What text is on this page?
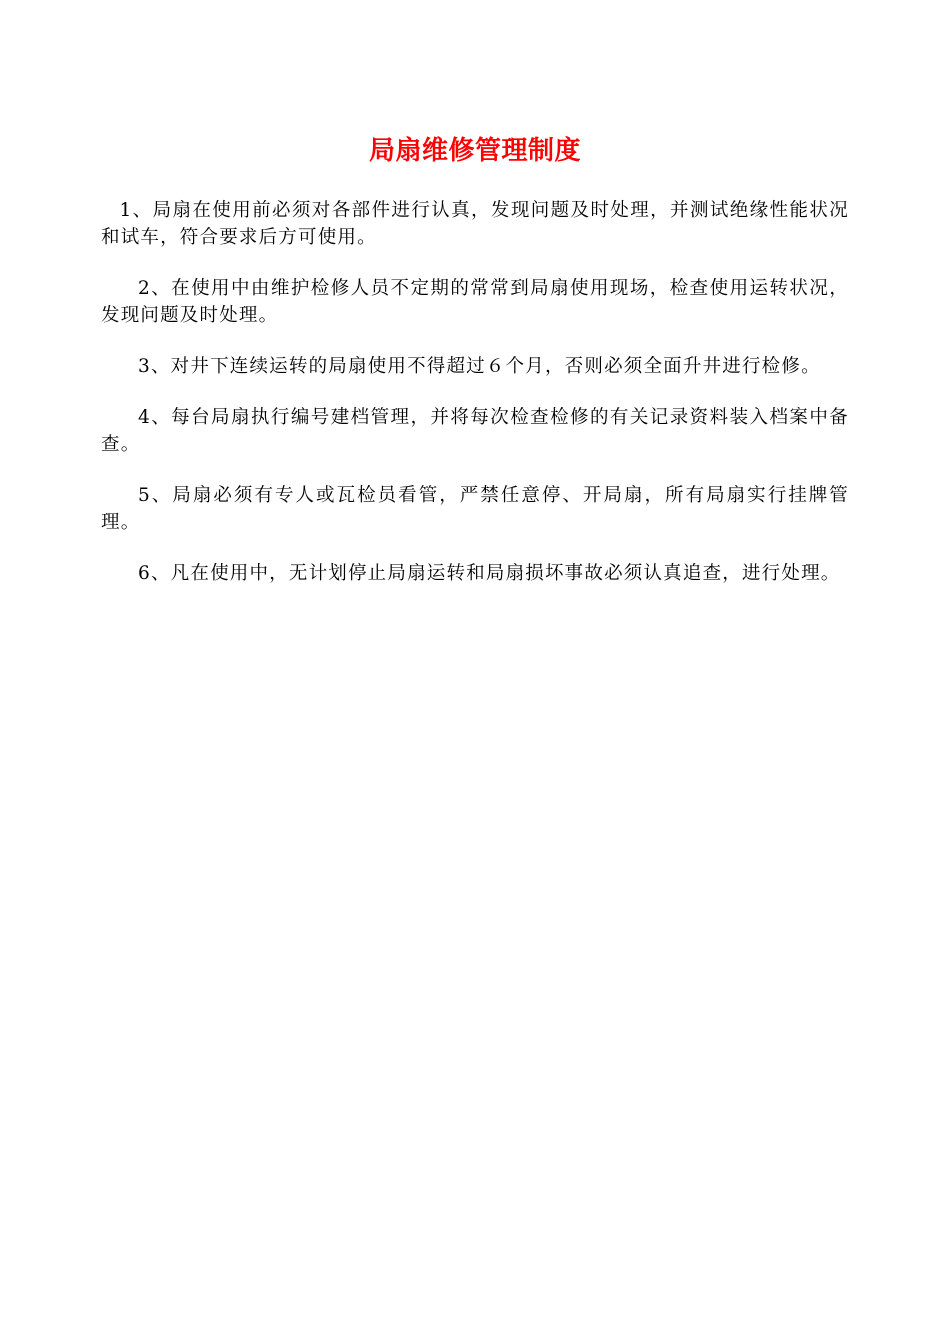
局扇维修管理制度

1、局扇在使用前必须对各部件进行认真，发现问题及时处理，并测试绝缘性能状况和试车，符合要求后方可使用。

2、在使用中由维护检修人员不定期的常常到局扇使用现场，检查使用运转状况，发现问题及时处理。

3、对井下连续运转的局扇使用不得超过６个月，否则必须全面升井进行检修。

4、每台局扇执行编号建档管理，并将每次检查检修的有关记录资料装入档案中备查。

5、局扇必须有专人或瓦检员看管，严禁任意停、开局扇，所有局扇实行挂牌管理。

6、凡在使用中，无计划停止局扇运转和局扇损坏事故必须认真追查，进行处理。
